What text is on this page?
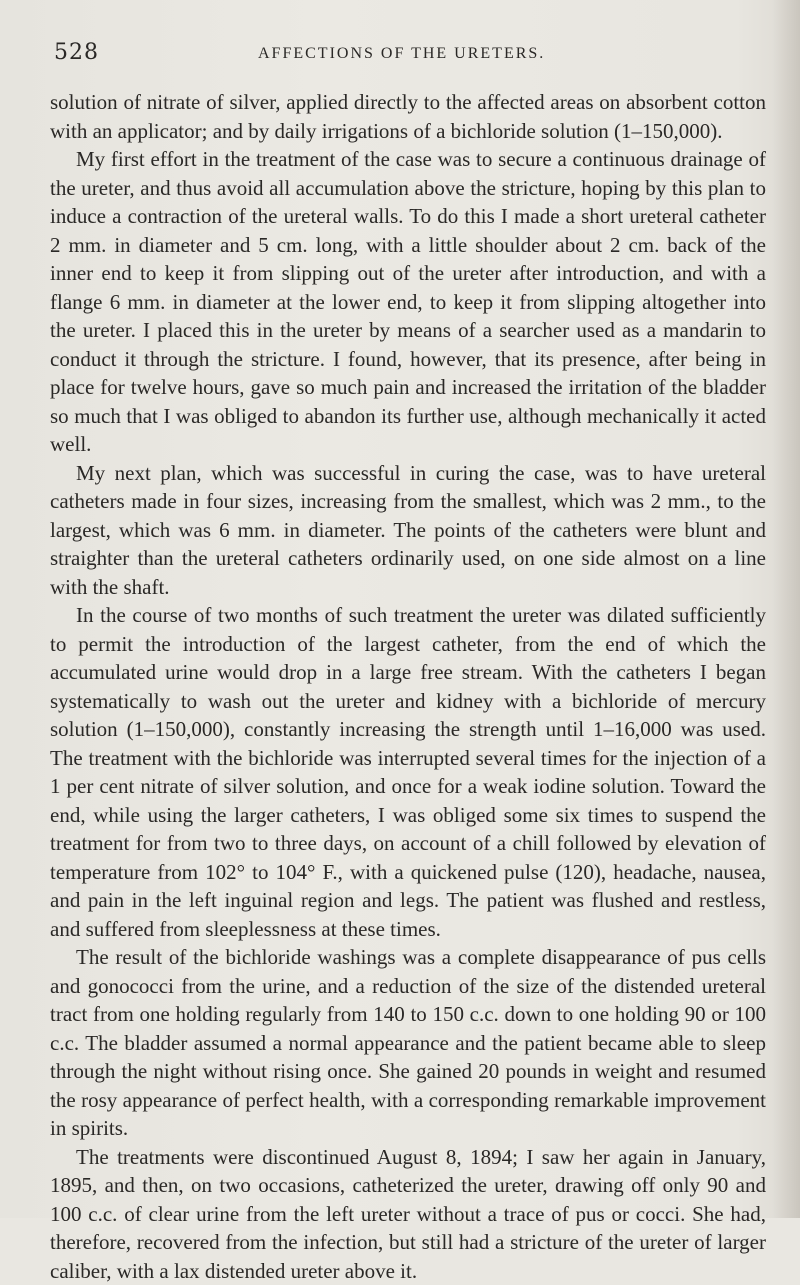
528	AFFECTIONS OF THE URETERS.

solution of nitrate of silver, applied directly to the affected areas on absorbent cotton with an applicator; and by daily irrigations of a bichloride solution (1–150,000).

My first effort in the treatment of the case was to secure a continuous drainage of the ureter, and thus avoid all accumulation above the stricture, hoping by this plan to induce a contraction of the ureteral walls. To do this I made a short ureteral catheter 2 mm. in diameter and 5 cm. long, with a little shoulder about 2 cm. back of the inner end to keep it from slipping out of the ureter after introduction, and with a flange 6 mm. in diameter at the lower end, to keep it from slipping altogether into the ureter. I placed this in the ureter by means of a searcher used as a mandarin to conduct it through the stricture. I found, however, that its presence, after being in place for twelve hours, gave so much pain and increased the irritation of the bladder so much that I was obliged to abandon its further use, although mechanically it acted well.

My next plan, which was successful in curing the case, was to have ureteral catheters made in four sizes, increasing from the smallest, which was 2 mm., to the largest, which was 6 mm. in diameter. The points of the catheters were blunt and straighter than the ureteral catheters ordinarily used, on one side almost on a line with the shaft.

In the course of two months of such treatment the ureter was dilated sufficiently to permit the introduction of the largest catheter, from the end of which the accumulated urine would drop in a large free stream. With the catheters I began systematically to wash out the ureter and kidney with a bichloride of mercury solution (1–150,000), constantly increasing the strength until 1–16,000 was used. The treatment with the bichloride was interrupted several times for the injection of a 1 per cent nitrate of silver solution, and once for a weak iodine solution. Toward the end, while using the larger catheters, I was obliged some six times to suspend the treatment for from two to three days, on account of a chill followed by elevation of temperature from 102° to 104° F., with a quickened pulse (120), headache, nausea, and pain in the left inguinal region and legs. The patient was flushed and restless, and suffered from sleeplessness at these times.

The result of the bichloride washings was a complete disappearance of pus cells and gonococci from the urine, and a reduction of the size of the distended ureteral tract from one holding regularly from 140 to 150 c.c. down to one holding 90 or 100 c.c. The bladder assumed a normal appearance and the patient became able to sleep through the night without rising once. She gained 20 pounds in weight and resumed the rosy appearance of perfect health, with a corresponding remarkable improvement in spirits.

The treatments were discontinued August 8, 1894; I saw her again in January, 1895, and then, on two occasions, catheterized the ureter, drawing off only 90 and 100 c.c. of clear urine from the left ureter without a trace of pus or cocci. She had, therefore, recovered from the infection, but still had a stricture of the ureter of larger caliber, with a lax distended ureter above it.
